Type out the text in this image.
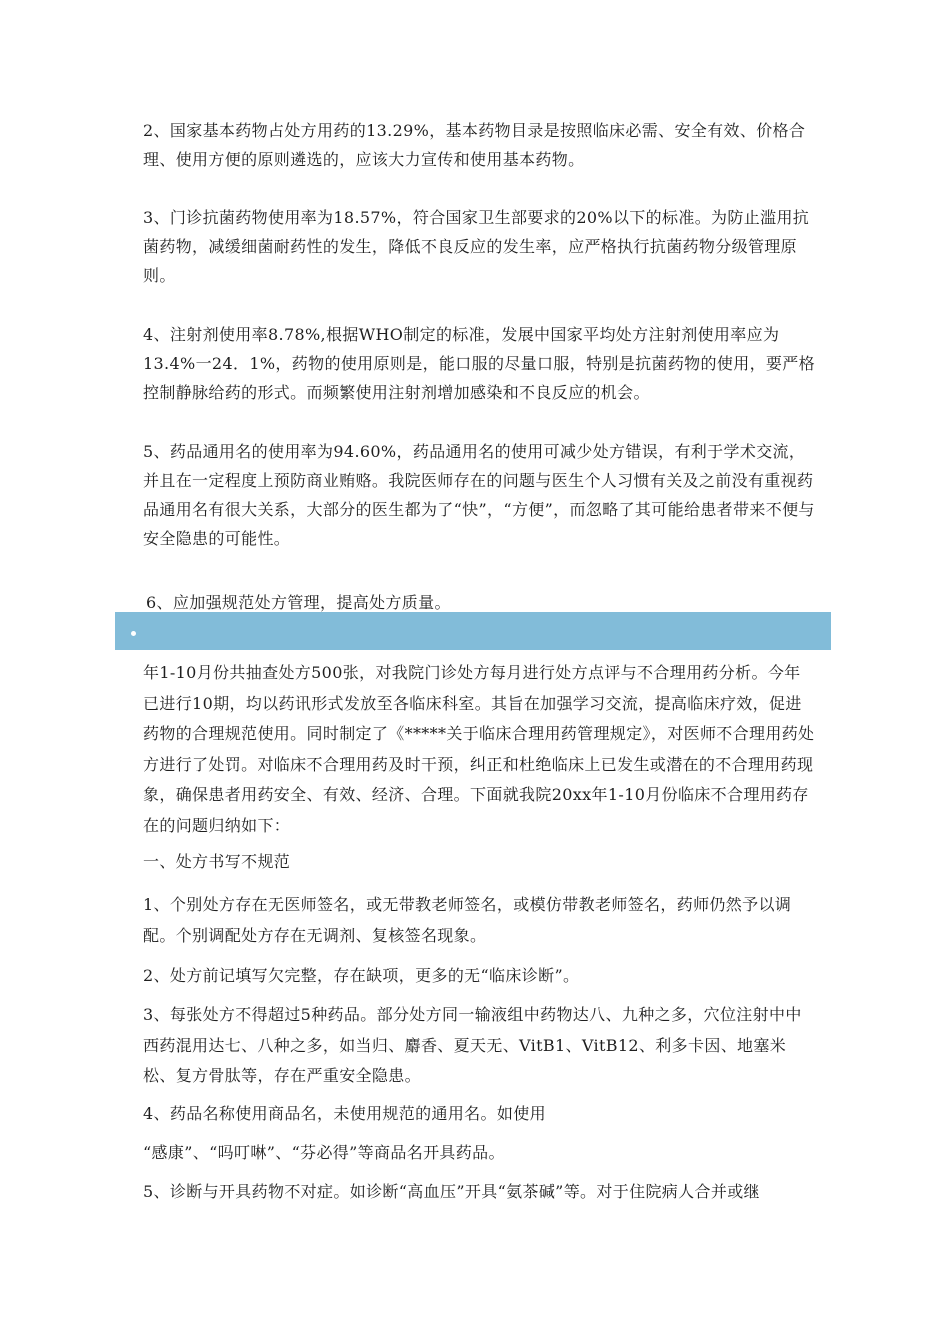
2、国家基本药物占处方用药的13.29%，基本药物目录是按照临床必需、安全有效、价格合理、使用方便的原则遴选的，应该大力宣传和使用基本药物。

3、门诊抗菌药物使用率为18.57%，符合国家卫生部要求的20%以下的标准。为防止滥用抗菌药物，减缓细菌耐药性的发生，降低不良反应的发生率，应严格执行抗菌药物分级管理原则。

4、注射剂使用率8.78%,根据WHO制定的标准，发展中国家平均处方注射剂使用率应为13.4%一24．1%，药物的使用原则是，能口服的尽量口服，特别是抗菌药物的使用，要严格控制静脉给药的形式。而频繁使用注射剂增加感染和不良反应的机会。

5、药品通用名的使用率为94.60%，药品通用名的使用可减少处方错误，有利于学术交流，并且在一定程度上预防商业贿赂。我院医师存在的问题与医生个人习惯有关及之前没有重视药品通用名有很大关系，大部分的医生都为了“快”，“方便”，而忽略了其可能给患者带来不便与安全隐患的可能性。

6、应加强规范处方管理，提高处方质量。

年1-10月份共抽查处方500张，对我院门诊处方每月进行处方点评与不合理用药分析。今年已进行10期，均以药讯形式发放至各临床科室。其旨在加强学习交流，提高临床疗效，促进药物的合理规范使用。同时制定了《*****关于临床合理用药管理规定》，对医师不合理用药处方进行了处罚。对临床不合理用药及时干预，纠正和杜绝临床上已发生或潜在的不合理用药现象，确保患者用药安全、有效、经济、合理。下面就我院20xx年1-10月份临床不合理用药存在的问题归纳如下：

一、处方书写不规范

1、个别处方存在无医师签名，或无带教老师签名，或模仿带教老师签名，药师仍然予以调配。个别调配处方存在无调剂、复核签名现象。

2、处方前记填写欠完整，存在缺项，更多的无“临床诊断”。

3、每张处方不得超过5种药品。部分处方同一输液组中药物达八、九种之多，穴位注射中中西药混用达七、八种之多，如当归、麝香、夏天无、VitB1、VitB12、利多卡因、地塞米松、复方骨肽等，存在严重安全隐患。

4、药品名称使用商品名，未使用规范的通用名。如使用

“感康”、“吗叮啉”、“芬必得”等商品名开具药品。

5、诊断与开具药物不对症。如诊断“高血压”开具“氨茶碱”等。对于住院病人合并或继
